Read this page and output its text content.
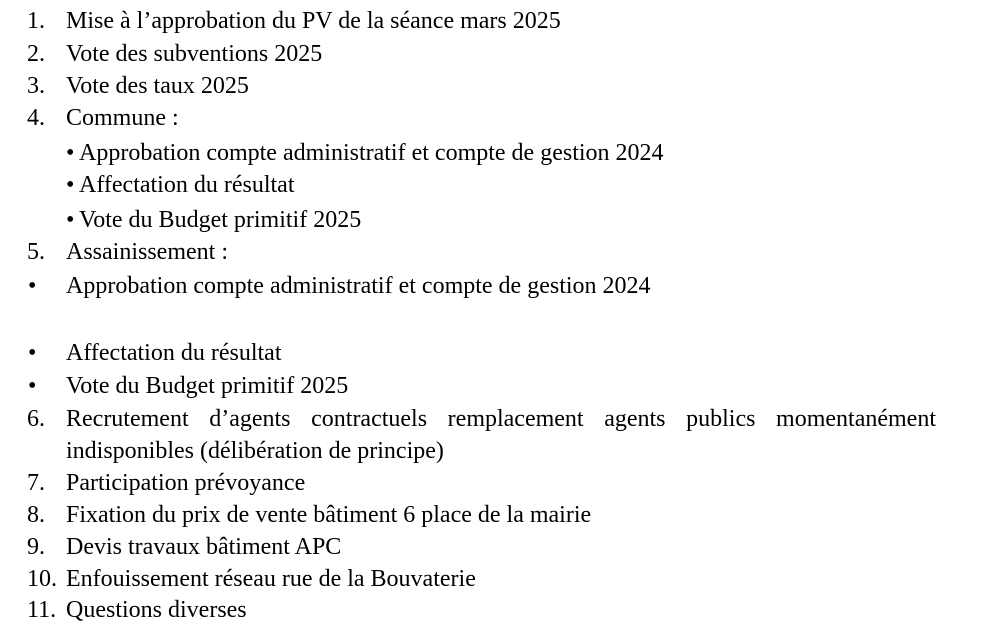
1. Mise à l’approbation du PV de la séance mars 2025
2. Vote des subventions 2025
3. Vote des taux 2025
4. Commune :
• Approbation compte administratif et compte de gestion 2024
• Affectation du résultat
• Vote du Budget primitif 2025
5. Assainissement :
• Approbation compte administratif et compte de gestion 2024
• Affectation du résultat
• Vote du Budget primitif 2025
6. Recrutement d’agents contractuels remplacement agents publics momentanément
indisponibles (délibération de principe)
7. Participation prévoyance
8. Fixation du prix de vente bâtiment 6 place de la mairie
9. Devis travaux bâtiment APC
10. Enfouissement réseau rue de la Bouvaterie
11. Questions diverses
